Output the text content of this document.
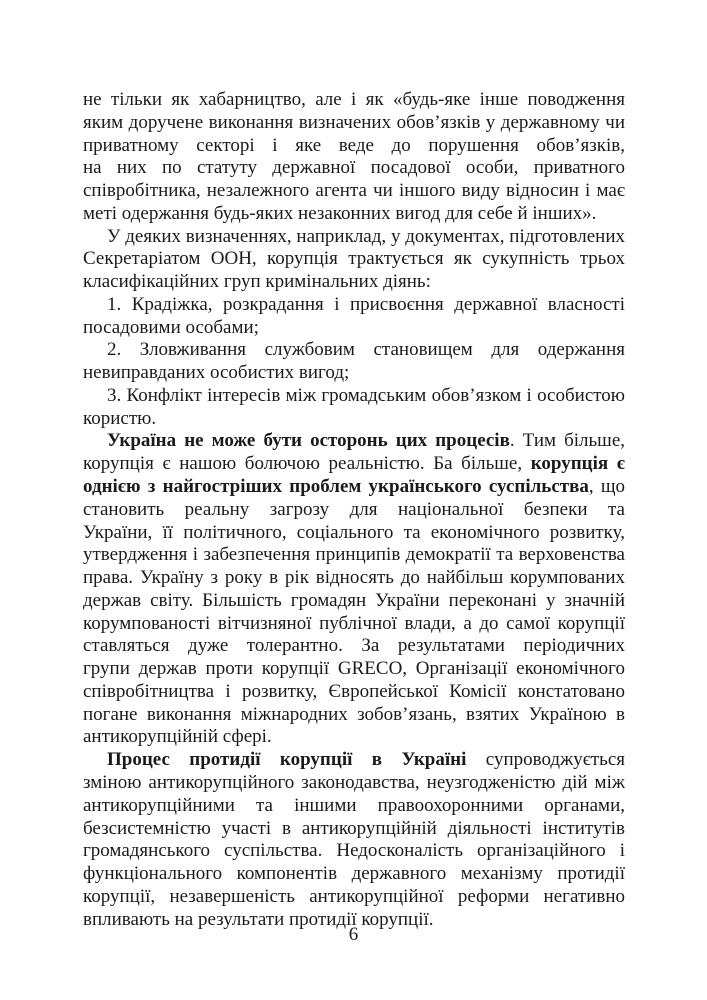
не тільки як хабарництво, але і як «будь-яке інше поводження
яким доручене виконання визначених обов’язків у державному чи
приватному секторі і яке веде до порушення обов’язків,
на них по статуту державної посадової особи, приватного
співробітника, незалежного агента чи іншого виду відносин і має
меті одержання будь-яких незаконних вигод для себе й інших».
У деяких визначеннях, наприклад, у документах, підготовлених
Секретаріатом ООН, корупція трактується як сукупність трьох
класифікаційних груп кримінальних діянь:
1. Крадіжка, розкрадання і присвоєння державної власності
посадовими особами;
2. Зловживання службовим становищем для одержання
невиправданих особистих вигод;
3. Конфлікт інтересів між громадським обов’язком і особистою
користю.
Україна не може бути осторонь цих процесів. Тим більше,
корупція є нашою болючою реальністю. Ба більше, корупція є
однією з найгостріших проблем українського суспільства, що
становить реальну загрозу для національної безпеки та
України, її політичного, соціального та економічного розвитку,
утвердження і забезпечення принципів демократії та верховенства
права. Україну з року в рік відносять до найбільш корумпованих
держав світу. Більшість громадян України переконані у значній
корумпованості вітчизняної публічної влади, а до самої корупції
ставляться дуже толерантно. За результатами періодичних
групи держав проти корупції GRECO, Організації економічного
співробітництва і розвитку, Європейської Комісії констатовано
погане виконання міжнародних зобов’язань, взятих Україною в
антикорупційній сфері.
Процес протидії корупції в Україні супроводжується
зміною антикорупційного законодавства, неузгодженістю дій між
антикорупційними та іншими правоохоронними органами,
безсистемністю участі в антикорупційній діяльності інститутів
громадянського суспільства. Недосконалість організаційного і
функціонального компонентів державного механізму протидії
корупції, незавершеність антикорупційної реформи негативно
впливають на результати протидії корупції.
6
